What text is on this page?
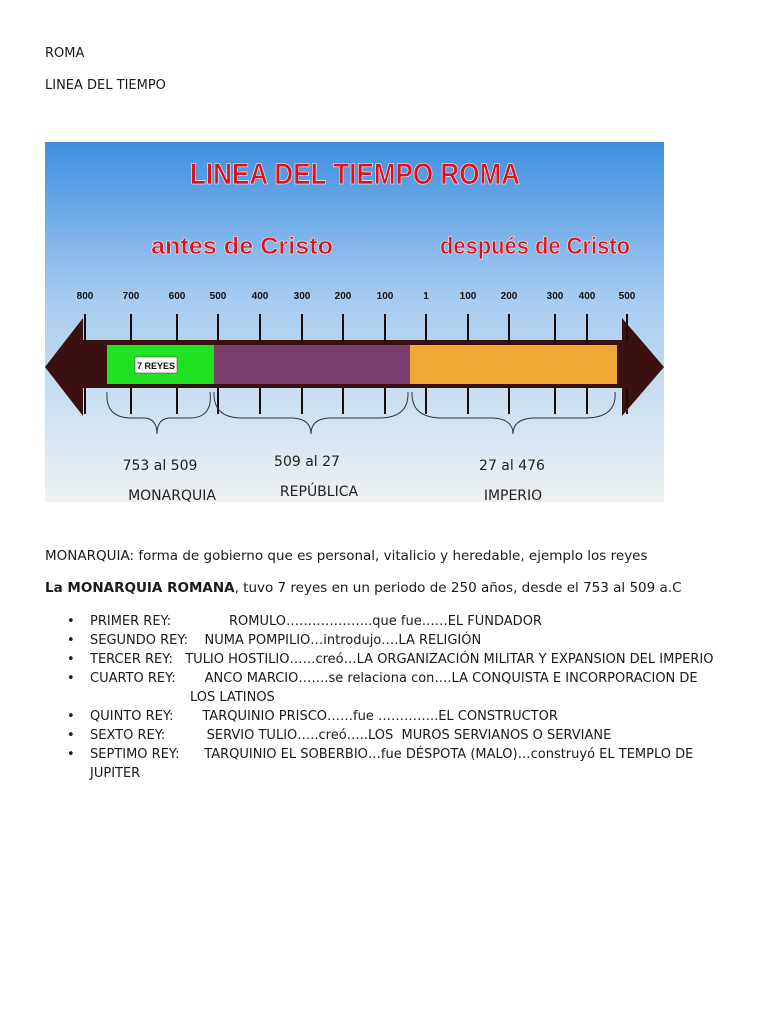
ROMA
LINEA DEL TIEMPO
LINEA DEL TIEMPO ROMA
antes de Cristo	después de Cristo
800	700	600 500	400	300 200	100	1	100 200	300 400 500
7 REYES
753 al 509
MONARQUIA
509 al 27
REPÚBLICA
27 al 476
IMPERIO
MONARQUIA: forma de gobierno que es personal, vitalicio y heredable, ejemplo los reyes
La MONARQUIA ROMANA, tuvo 7 reyes en un periodo de 250 años, desde el 753 al 509 a.C
• PRIMER REY:              ROMULO………………..que fue……EL FUNDADOR
• SEGUNDO REY:    NUMA POMPILIO…introdujo….LA RELIGIÓN
• TERCER REY:   TULIO HOSTILIO……creó…LA ORGANIZACIÓN MILITAR Y EXPANSION DEL IMPERIO
• CUARTO REY:       ANCO MARCIO…….se relaciona con….LA CONQUISTA E INCORPORACION DE
LOS LATINOS
• QUINTO REY:       TARQUINIO PRISCO……fue …………..EL CONSTRUCTOR
• SEXTO REY:          SERVIO TULIO…..creó…..LOS  MUROS SERVIANOS O SERVIANE
• SEPTIMO REY:      TARQUINIO EL SOBERBIO…fue DÉSPOTA (MALO)…construyó EL TEMPLO DE JUPITER
